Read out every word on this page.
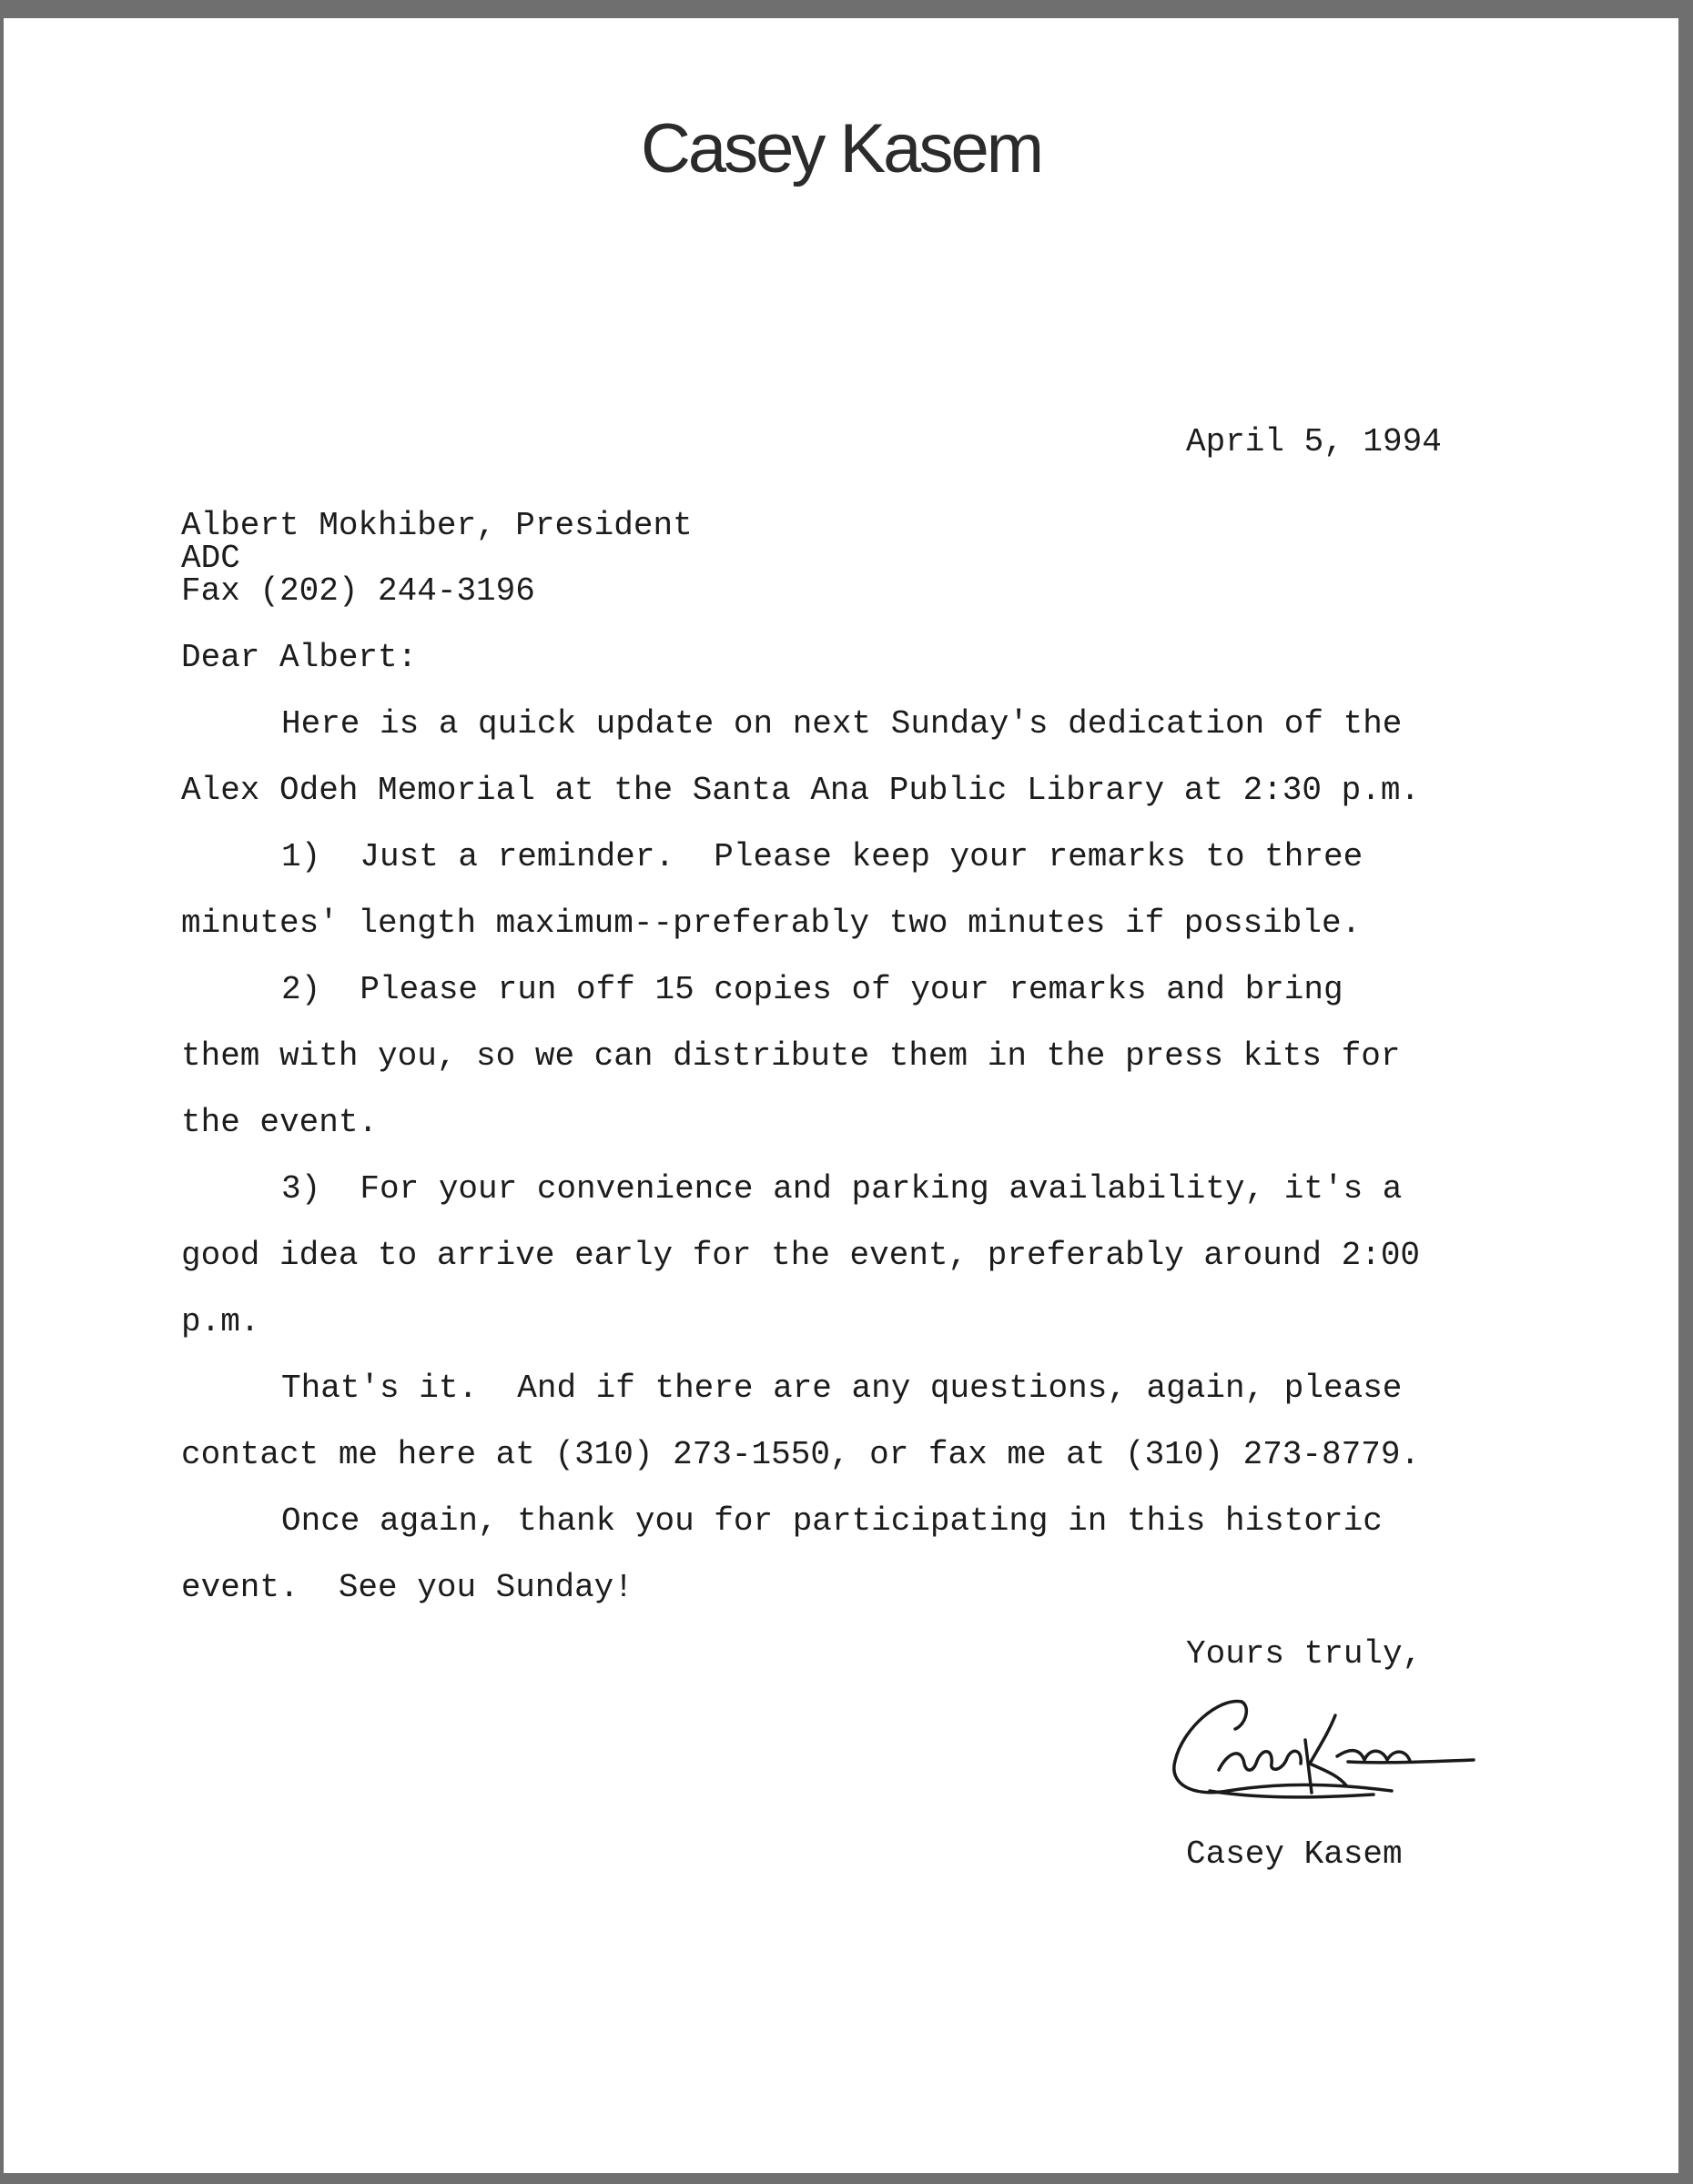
Casey Kasem
April 5, 1994
Albert Mokhiber, President
ADC
Fax (202) 244-3196
Dear Albert:
Here is a quick update on next Sunday's dedication of the
Alex Odeh Memorial at the Santa Ana Public Library at 2:30 p.m.
1)  Just a reminder.  Please keep your remarks to three
minutes' length maximum--preferably two minutes if possible.
2)  Please run off 15 copies of your remarks and bring
them with you, so we can distribute them in the press kits for
the event.
3)  For your convenience and parking availability, it's a
good idea to arrive early for the event, preferably around 2:00
p.m.
That's it.  And if there are any questions, again, please
contact me here at (310) 273-1550, or fax me at (310) 273-8779.
Once again, thank you for participating in this historic
event.  See you Sunday!
Yours truly,
Casey Kasem
